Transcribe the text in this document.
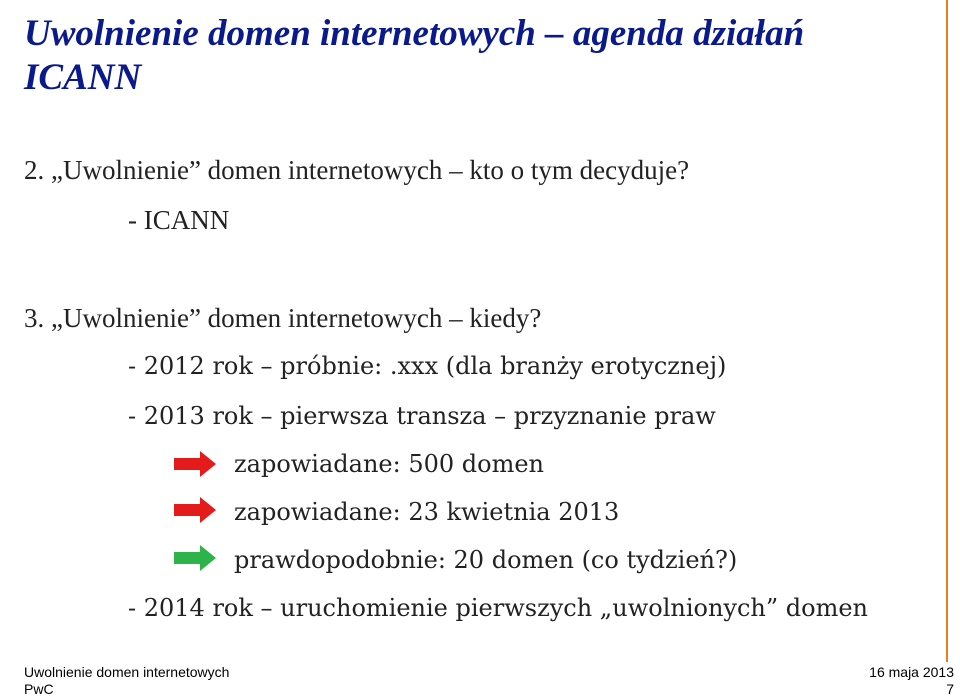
Uwolnienie domen internetowych – agenda działań ICANN
2. „Uwolnienie” domen internetowych – kto o tym decyduje?
- ICANN
3. „Uwolnienie” domen internetowych – kiedy?
- 2012 rok – próbnie: .xxx (dla branży erotycznej)
- 2013 rok – pierwsza transza – przyznanie praw
zapowiadane: 500 domen
zapowiadane: 23 kwietnia 2013
prawdopodobnie: 20 domen (co tydzień?)
- 2014 rok – uruchomienie pierwszych „uwolnionych” domen
Uwolnienie domen internetowych
PwC
16 maja 2013
7
